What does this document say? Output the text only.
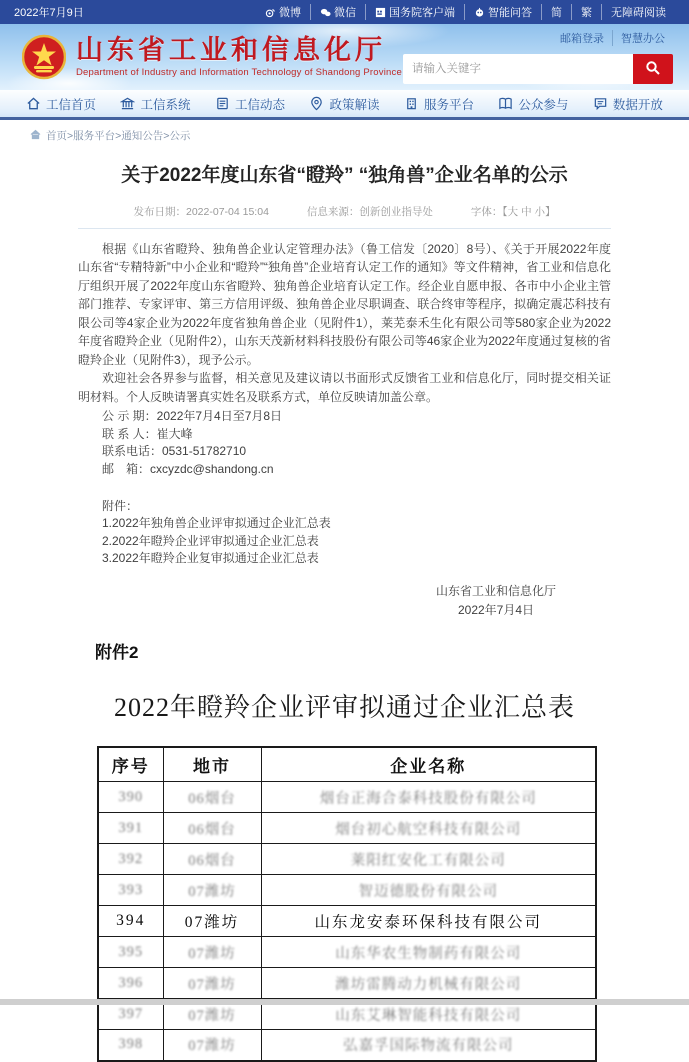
2022年7月9日	微博	微信	国务院客户端	智能问答 简 繁 无障碍阅读
山东省工业和信息化厅
Department of Industry and Information Technology of Shandong Province
邮箱登录	智慧办公
请输入关键字
工信首页	工信系统	工信动态	政策解读	服务平台	公众参与	数据开放
首页>服务平台>通知公告>公示
关于2022年度山东省“瞪羚” “独角兽”企业名单的公示
发布日期：2022-07-04 15:04	信息来源：创新创业指导处	字体：【大 中 小】

根据《山东省瞪羚、独角兽企业认定管理办法》（鲁工信发〔2020〕8号）、《关于开展2022年度山东省“专精特新”中小企业和“瞪羚”“独角兽”企业培育认定工作的通知》等文件精神，省工业和信息化厅组织开展了2022年度山东省瞪羚、独角兽企业培育认定工作。经企业自愿申报、各市中小企业主管部门推荐、专家评审、第三方信用评级、独角兽企业尽职调查、联合终审等程序，拟确定震芯科技有限公司等4家企业为2022年度省独角兽企业（见附件1），莱芜泰禾生化有限公司等580家企业为2022年度省瞪羚企业（见附件2），山东天茂新材料科技股份有限公司等46家企业为2022年度通过复核的省瞪羚企业（见附件3），现予公示。

欢迎社会各界参与监督，相关意见及建议请以书面形式反馈省工业和信息化厅，同时提交相关证明材料。个人反映请署真实姓名及联系方式，单位反映请加盖公章。

公 示 期：2022年7月4日至7月8日
联 系 人：崔大峰
联系电话：0531-51782710
邮　箱：cxcyzdc@shandong.cn
附件：
1.2022年独角兽企业评审拟通过企业汇总表
2.2022年瞪羚企业评审拟通过企业汇总表
3.2022年瞪羚企业复审拟通过企业汇总表
山东省工业和信息化厅
2022年7月4日
附件2
2022年瞪羚企业评审拟通过企业汇总表
序号	地市	企业名称
390	06烟台	烟台正海合泰科技股份有限公司
391	06烟台	烟台初心航空科技有限公司
392	06烟台	莱阳红安化工有限公司
393	07潍坊	智迈德股份有限公司
394	07潍坊	山东龙安泰环保科技有限公司
395	07潍坊	山东华农生物制药有限公司
396	07潍坊	潍坊雷腾动力机械有限公司
397	07潍坊	山东艾琳智能科技有限公司
398	07潍坊	弘嘉孚国际物流有限公司
